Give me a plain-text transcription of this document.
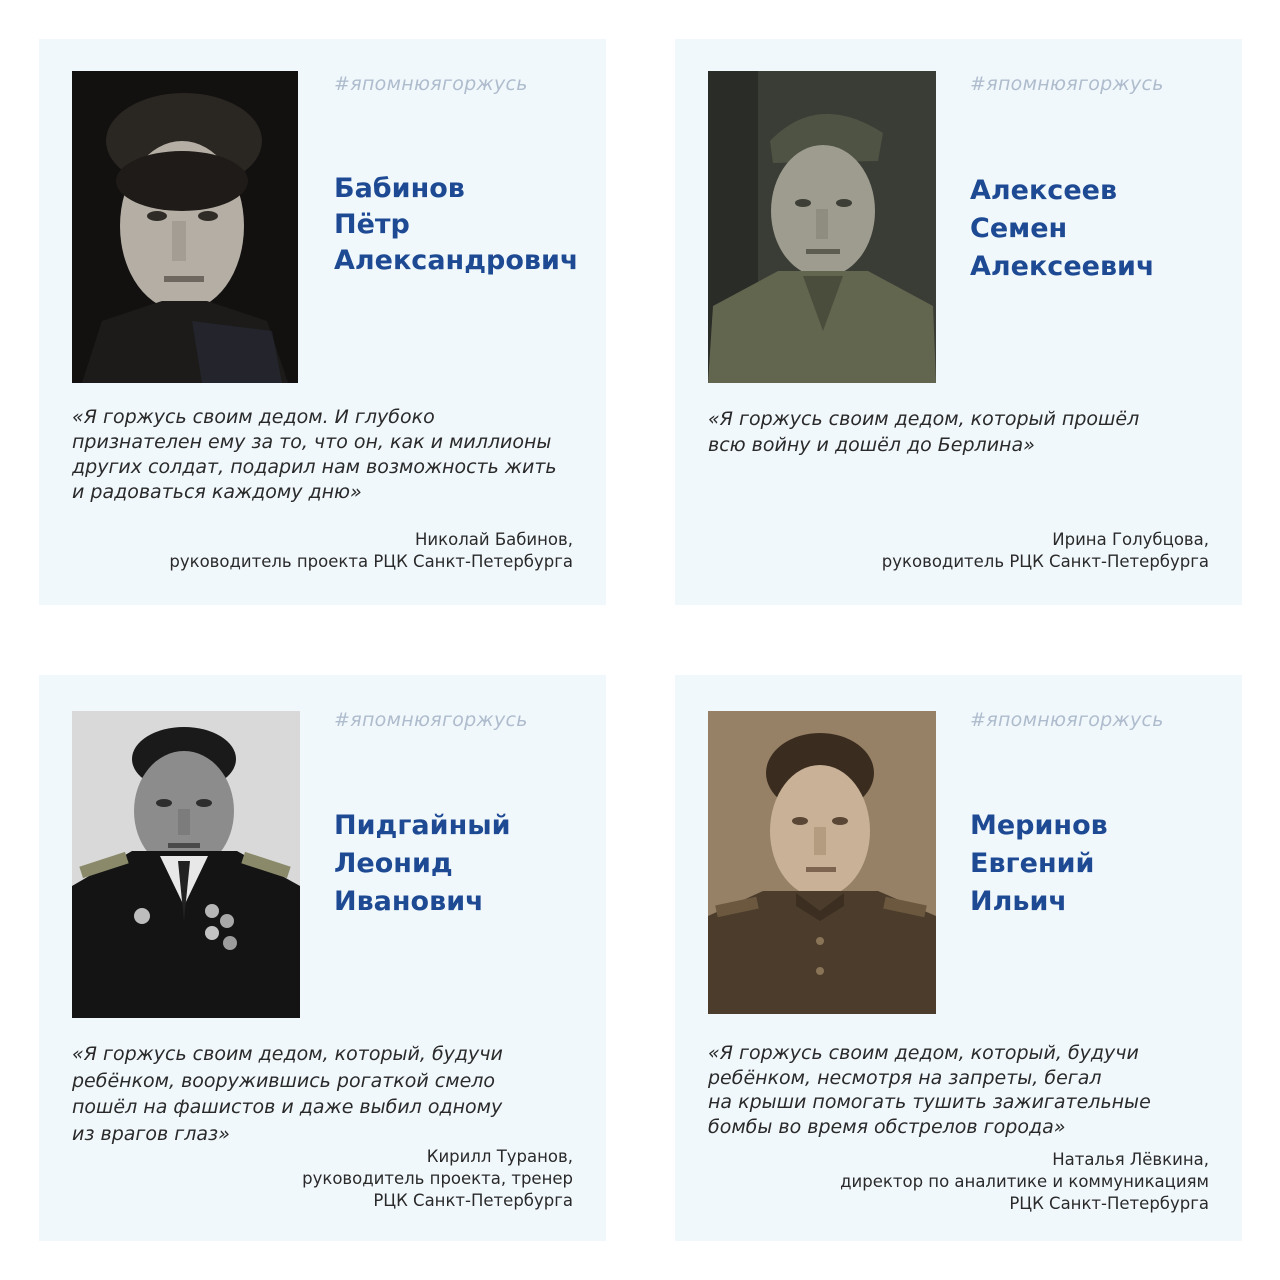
#япомнюягоржусь
Бабинов
Пётр
Александрович
«Я горжусь своим дедом. И глубоко
признателен ему за то, что он, как и миллионы
других солдат, подарил нам возможность жить
и радоваться каждому дню»
Николай Бабинов,
руководитель проекта РЦК Санкт-Петербурга
#япомнюягоржусь
Алексеев
Семен
Алексеевич
«Я горжусь своим дедом, который прошёл
всю войну и дошёл до Берлина»
Ирина Голубцова,
руководитель РЦК Санкт-Петербурга
#япомнюягоржусь
Пидгайный
Леонид
Иванович
«Я горжусь своим дедом, который, будучи
ребёнком, вооружившись рогаткой смело
пошёл на фашистов и даже выбил одному
из врагов глаз»
Кирилл Туранов,
руководитель проекта, тренер
РЦК Санкт-Петербурга
#япомнюягоржусь
Меринов
Евгений
Ильич
«Я горжусь своим дедом, который, будучи
ребёнком, несмотря на запреты, бегал
на крыши помогать тушить зажигательные
бомбы во время обстрелов города»
Наталья Лёвкина,
директор по аналитике и коммуникациям
РЦК Санкт-Петербурга
